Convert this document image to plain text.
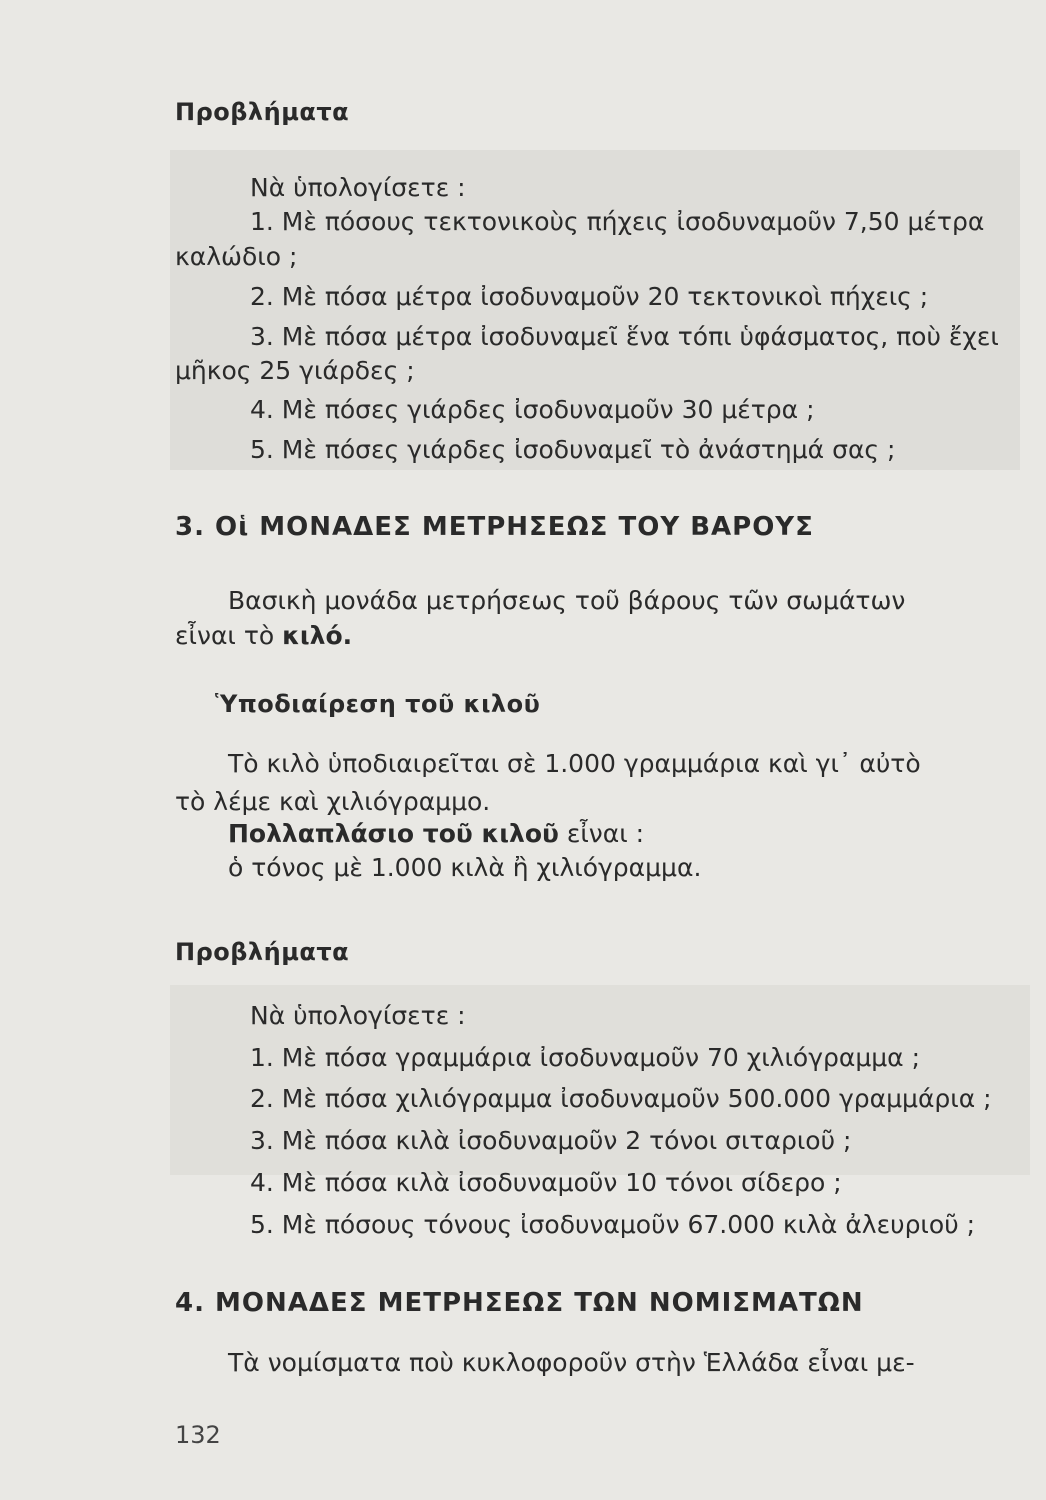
Προβλήματα
Νὰ ὑπολογίσετε :
1. Μὲ πόσους τεκτονικοὺς πήχεις ἰσοδυναμοῦν 7,50 μέτρα
καλώδιο ;
2. Μὲ πόσα μέτρα ἰσοδυναμοῦν 20 τεκτονικοὶ πήχεις ;
3. Μὲ πόσα μέτρα ἰσοδυναμεῖ ἕνα τόπι ὑφάσματος, ποὺ ἔχει
μῆκος 25 γιάρδες ;
4. Μὲ πόσες γιάρδες ἰσοδυναμοῦν 30 μέτρα ;
5. Μὲ πόσες γιάρδες ἰσοδυναμεῖ τὸ ἀνάστημά σας ;
3. Οἱ ΜΟΝΑΔΕΣ ΜΕΤΡΗΣΕΩΣ ΤΟΥ ΒΑΡΟΥΣ
Βασικὴ μονάδα μετρήσεως τοῦ βάρους τῶν σωμάτων
εἶναι τὸ κιλό.
Ὑποδιαίρεση τοῦ κιλοῦ
Τὸ κιλὸ ὑποδιαιρεῖται σὲ 1.000 γραμμάρια καὶ γι᾽ αὐτὸ
τὸ λέμε καὶ χιλιόγραμμο.
Πολλαπλάσιο τοῦ κιλοῦ εἶναι :
ὁ τόνος μὲ 1.000 κιλὰ ἢ χιλιόγραμμα.
Προβλήματα
Νὰ ὑπολογίσετε :
1. Μὲ πόσα γραμμάρια ἰσοδυναμοῦν 70 χιλιόγραμμα ;
2. Μὲ πόσα χιλιόγραμμα ἰσοδυναμοῦν 500.000 γραμμάρια ;
3. Μὲ πόσα κιλὰ ἰσοδυναμοῦν 2 τόνοι σιταριοῦ ;
4. Μὲ πόσα κιλὰ ἰσοδυναμοῦν 10 τόνοι σίδερο ;
5. Μὲ πόσους τόνους ἰσοδυναμοῦν 67.000 κιλὰ ἀλευριοῦ ;
4. ΜΟΝΑΔΕΣ ΜΕΤΡΗΣΕΩΣ ΤΩΝ ΝΟΜΙΣΜΑΤΩΝ
Τὰ νομίσματα ποὺ κυκλοφοροῦν στὴν Ἑλλάδα εἶναι με-
132
